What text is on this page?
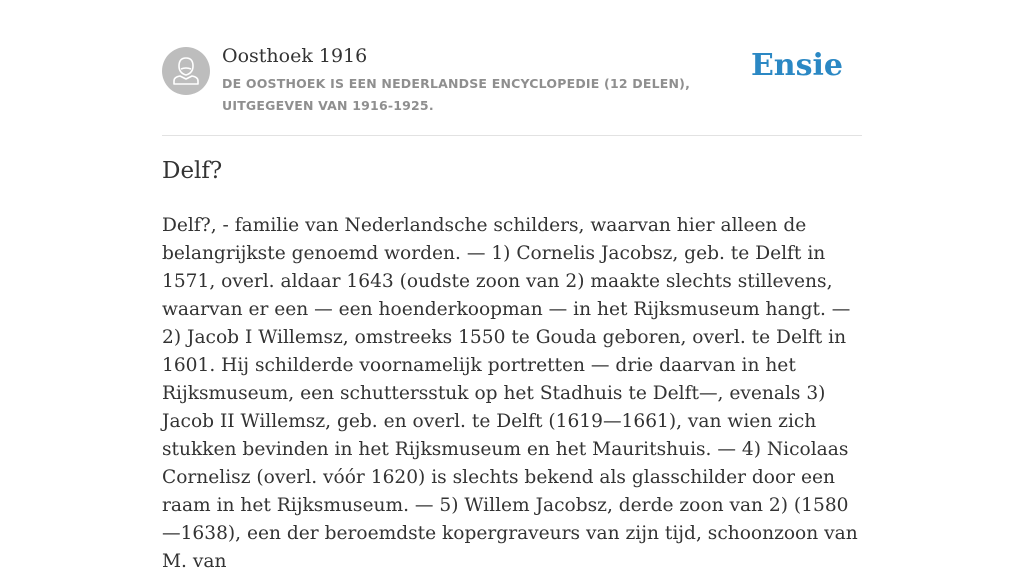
Oosthoek 1916
DE OOSTHOEK IS EEN NEDERLANDSE ENCYCLOPEDIE (12 DELEN), UITGEGEVEN VAN 1916-1925.
Ensie
Delf?

Delf?, - familie van Nederlandsche schilders, waarvan hier alleen de belangrijkste genoemd worden. — 1) Cornelis Jacobsz, geb. te Delft in 1571, overl. aldaar 1643 (oudste zoon van 2) maakte slechts stillevens, waarvan er een — een hoenderkoopman — in het Rijksmuseum hangt. — 2) Jacob I Willemsz, omstreeks 1550 te Gouda geboren, overl. te Delft in 1601. Hij schilderde voornamelijk portretten — drie daarvan in het Rijksmuseum, een schuttersstuk op het Stadhuis te Delft—, evenals 3) Jacob II Willemsz, geb. en overl. te Delft (1619—1661), van wien zich stukken bevinden in het Rijksmuseum en het Mauritshuis. — 4) Nicolaas Cornelisz (overl. vóór 1620) is slechts bekend als glasschilder door een raam in het Rijksmuseum. — 5) Willem Jacobsz, derde zoon van 2) (1580—1638), een der beroemdste kopergraveurs van zijn tijd, schoonzoon van M. van
